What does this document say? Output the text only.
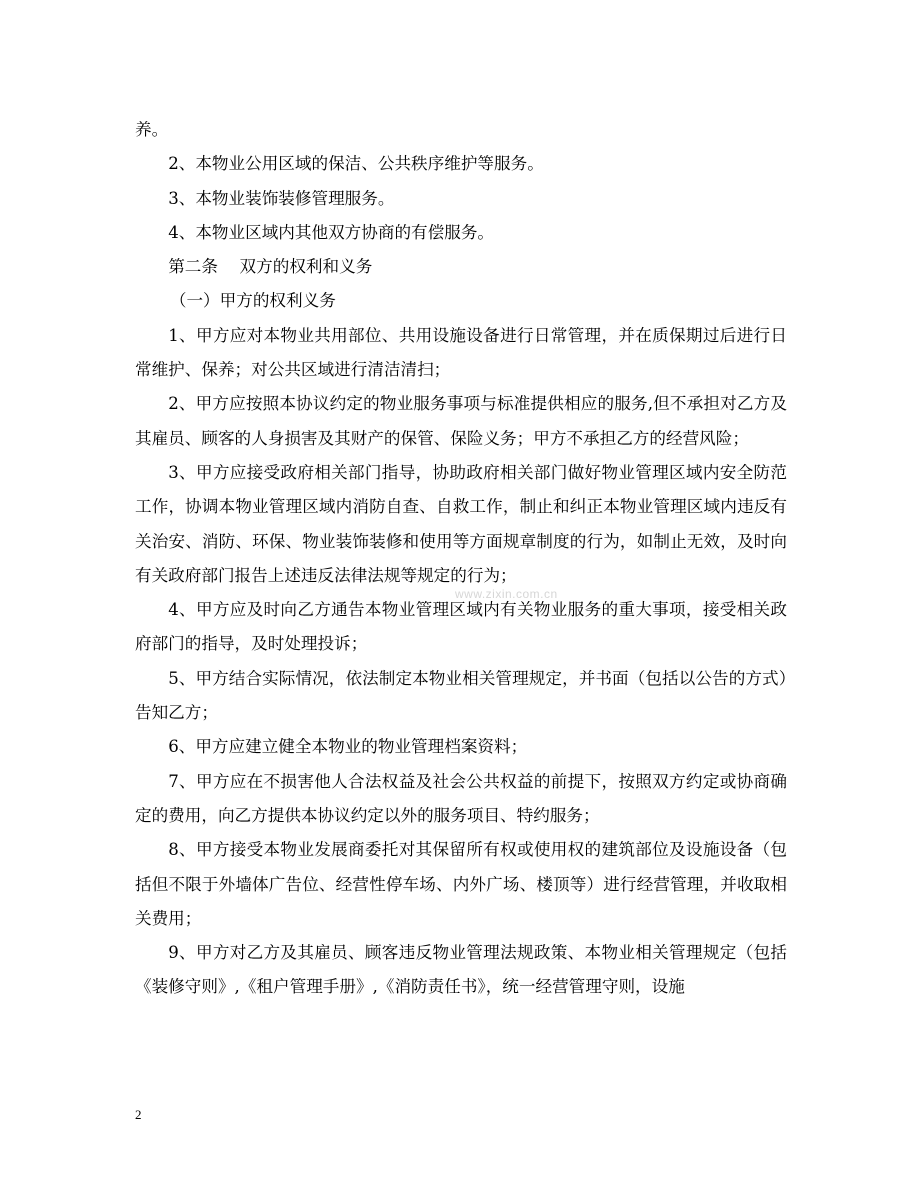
www.zixin.com.cn

养。

2、本物业公用区域的保洁、公共秩序维护等服务。

3、本物业装饰装修管理服务。

4、本物业区域内其他双方协商的有偿服务。

第二条 双方的权利和义务

（一）甲方的权利义务

1、甲方应对本物业共用部位、共用设施设备进行日常管理，并在质保期过后进行日常维护、保养；对公共区域进行清洁清扫；

2、甲方应按照本协议约定的物业服务事项与标准提供相应的服务,但不承担对乙方及其雇员、顾客的人身损害及其财产的保管、保险义务；甲方不承担乙方的经营风险；

3、甲方应接受政府相关部门指导，协助政府相关部门做好物业管理区域内安全防范工作，协调本物业管理区域内消防自查、自救工作，制止和纠正本物业管理区域内违反有关治安、消防、环保、物业装饰装修和使用等方面规章制度的行为，如制止无效，及时向有关政府部门报告上述违反法律法规等规定的行为；

4、甲方应及时向乙方通告本物业管理区域内有关物业服务的重大事项，接受相关政府部门的指导，及时处理投诉；

5、甲方结合实际情况，依法制定本物业相关管理规定，并书面（包括以公告的方式）告知乙方；

6、甲方应建立健全本物业的物业管理档案资料；

7、甲方应在不损害他人合法权益及社会公共权益的前提下，按照双方约定或协商确定的费用，向乙方提供本协议约定以外的服务项目、特约服务；

8、甲方接受本物业发展商委托对其保留所有权或使用权的建筑部位及设施设备（包括但不限于外墙体广告位、经营性停车场、内外广场、楼顶等）进行经营管理，并收取相关费用；

9、甲方对乙方及其雇员、顾客违反物业管理法规政策、本物业相关管理规定（包括《装修守则》,《租户管理手册》,《消防责任书》，统一经营管理守则，设施

2
